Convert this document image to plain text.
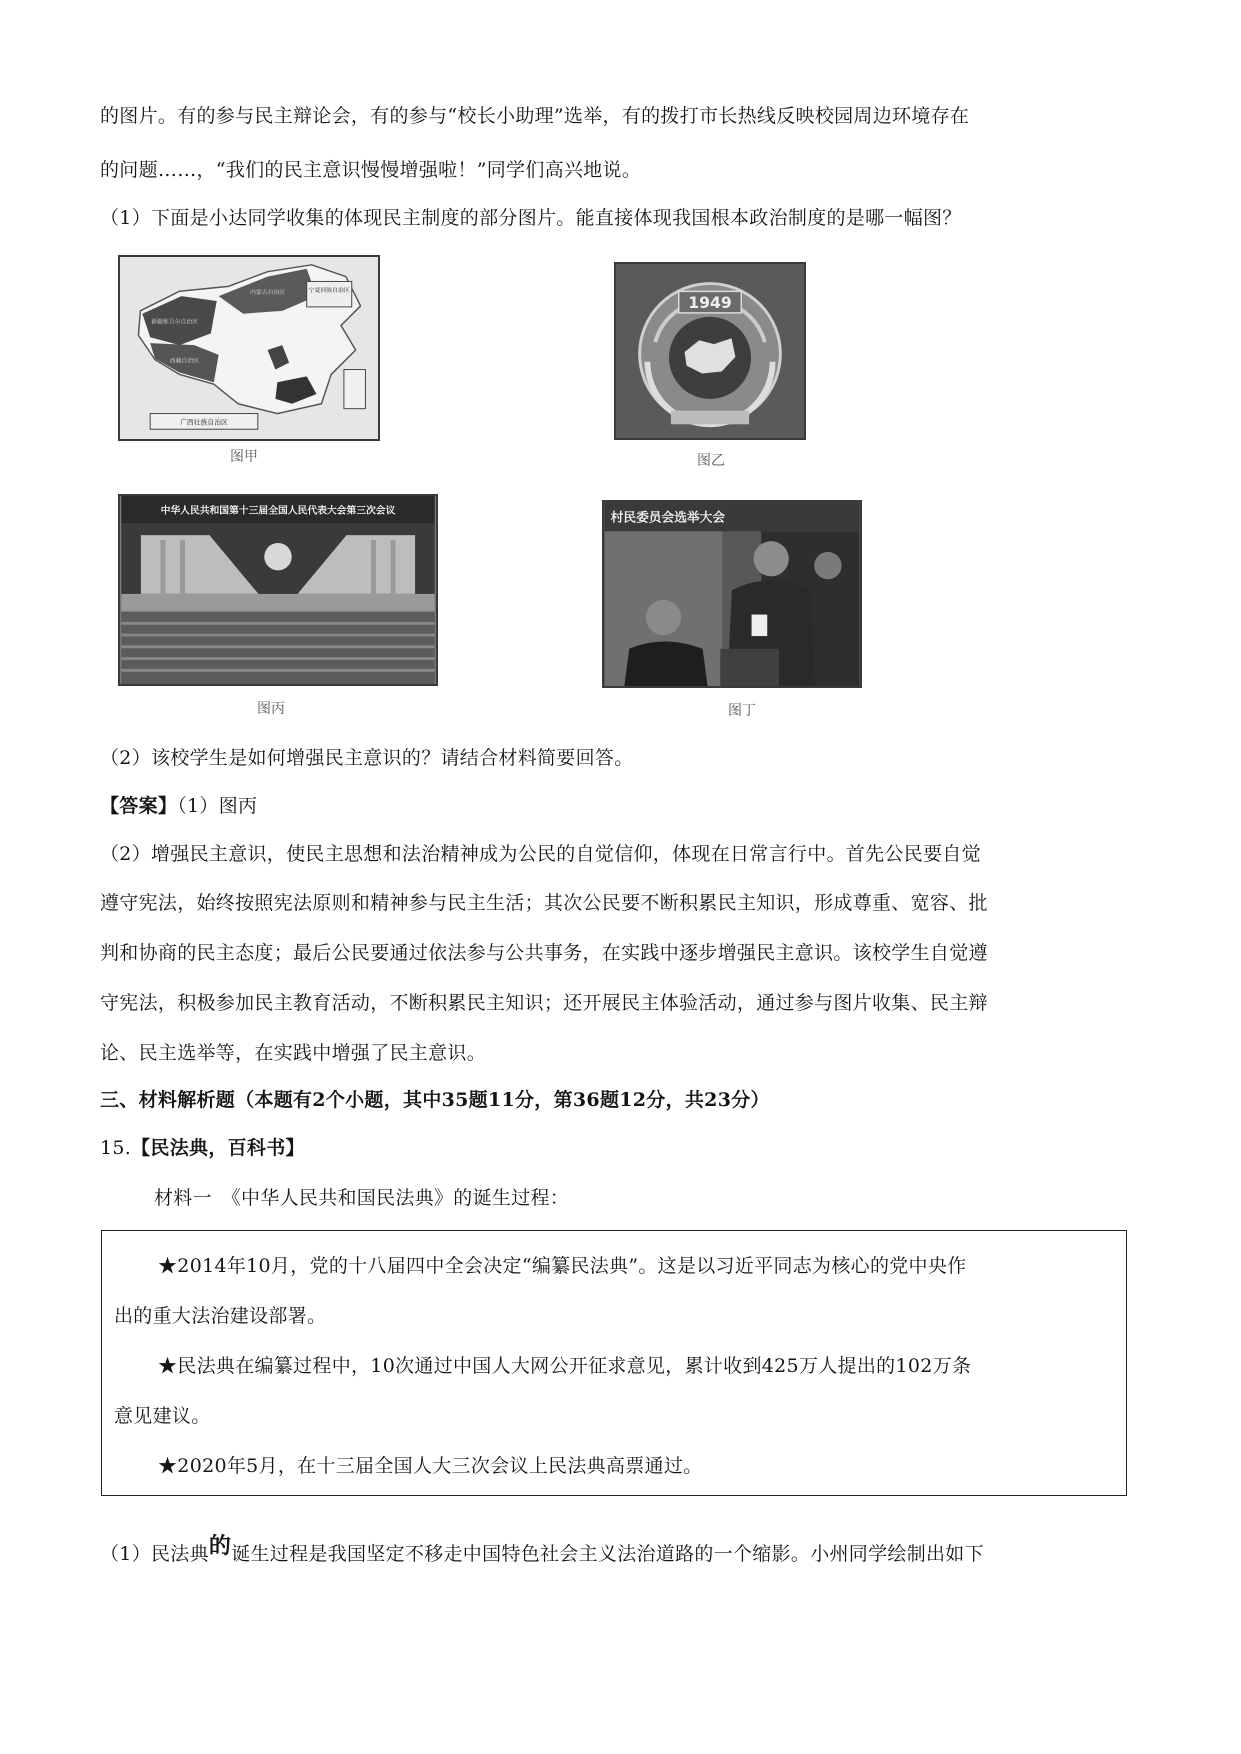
的图片。有的参与民主辩论会，有的参与“校长小助理”选举，有的拨打市长热线反映校园周边环境存在
的问题……，“我们的民主意识慢慢增强啦！”同学们高兴地说。
（1）下面是小达同学收集的体现民主制度的部分图片。能直接体现我国根本政治制度的是哪一幅图？
宁夏回族自治区
新疆维吾尔自治区
西藏自治区
内蒙古自治区
广西壮族自治区
图甲
1949
图乙
中华人民共和国第十三届全国人民代表大会第三次会议
图丙
村民委员会选举大会
图丁
（2）该校学生是如何增强民主意识的？请结合材料简要回答。
【答案】（1）图丙
（2）增强民主意识，使民主思想和法治精神成为公民的自觉信仰，体现在日常言行中。首先公民要自觉
遵守宪法，始终按照宪法原则和精神参与民主生活；其次公民要不断积累民主知识，形成尊重、宽容、批
判和协商的民主态度；最后公民要通过依法参与公共事务，在实践中逐步增强民主意识。该校学生自觉遵
守宪法，积极参加民主教育活动，不断积累民主知识；还开展民主体验活动，通过参与图片收集、民主辩
论、民主选举等，在实践中增强了民主意识。
三、材料解析题（本题有2个小题，其中35题11分，第36题12分，共23分）
15.【民法典，百科书】
材料一　《中华人民共和国民法典》的诞生过程：
★2014年10月，党的十八届四中全会决定“编纂民法典”。这是以习近平同志为核心的党中央作
出的重大法治建设部署。
★民法典在编纂过程中，10次通过中国人大网公开征求意见，累计收到425万人提出的102万条
意见建议。
★2020年5月，在十三届全国人大三次会议上民法典高票通过。
（1）民法典的诞生过程是我国坚定不移走中国特色社会主义法治道路的一个缩影。小州同学绘制出如下
